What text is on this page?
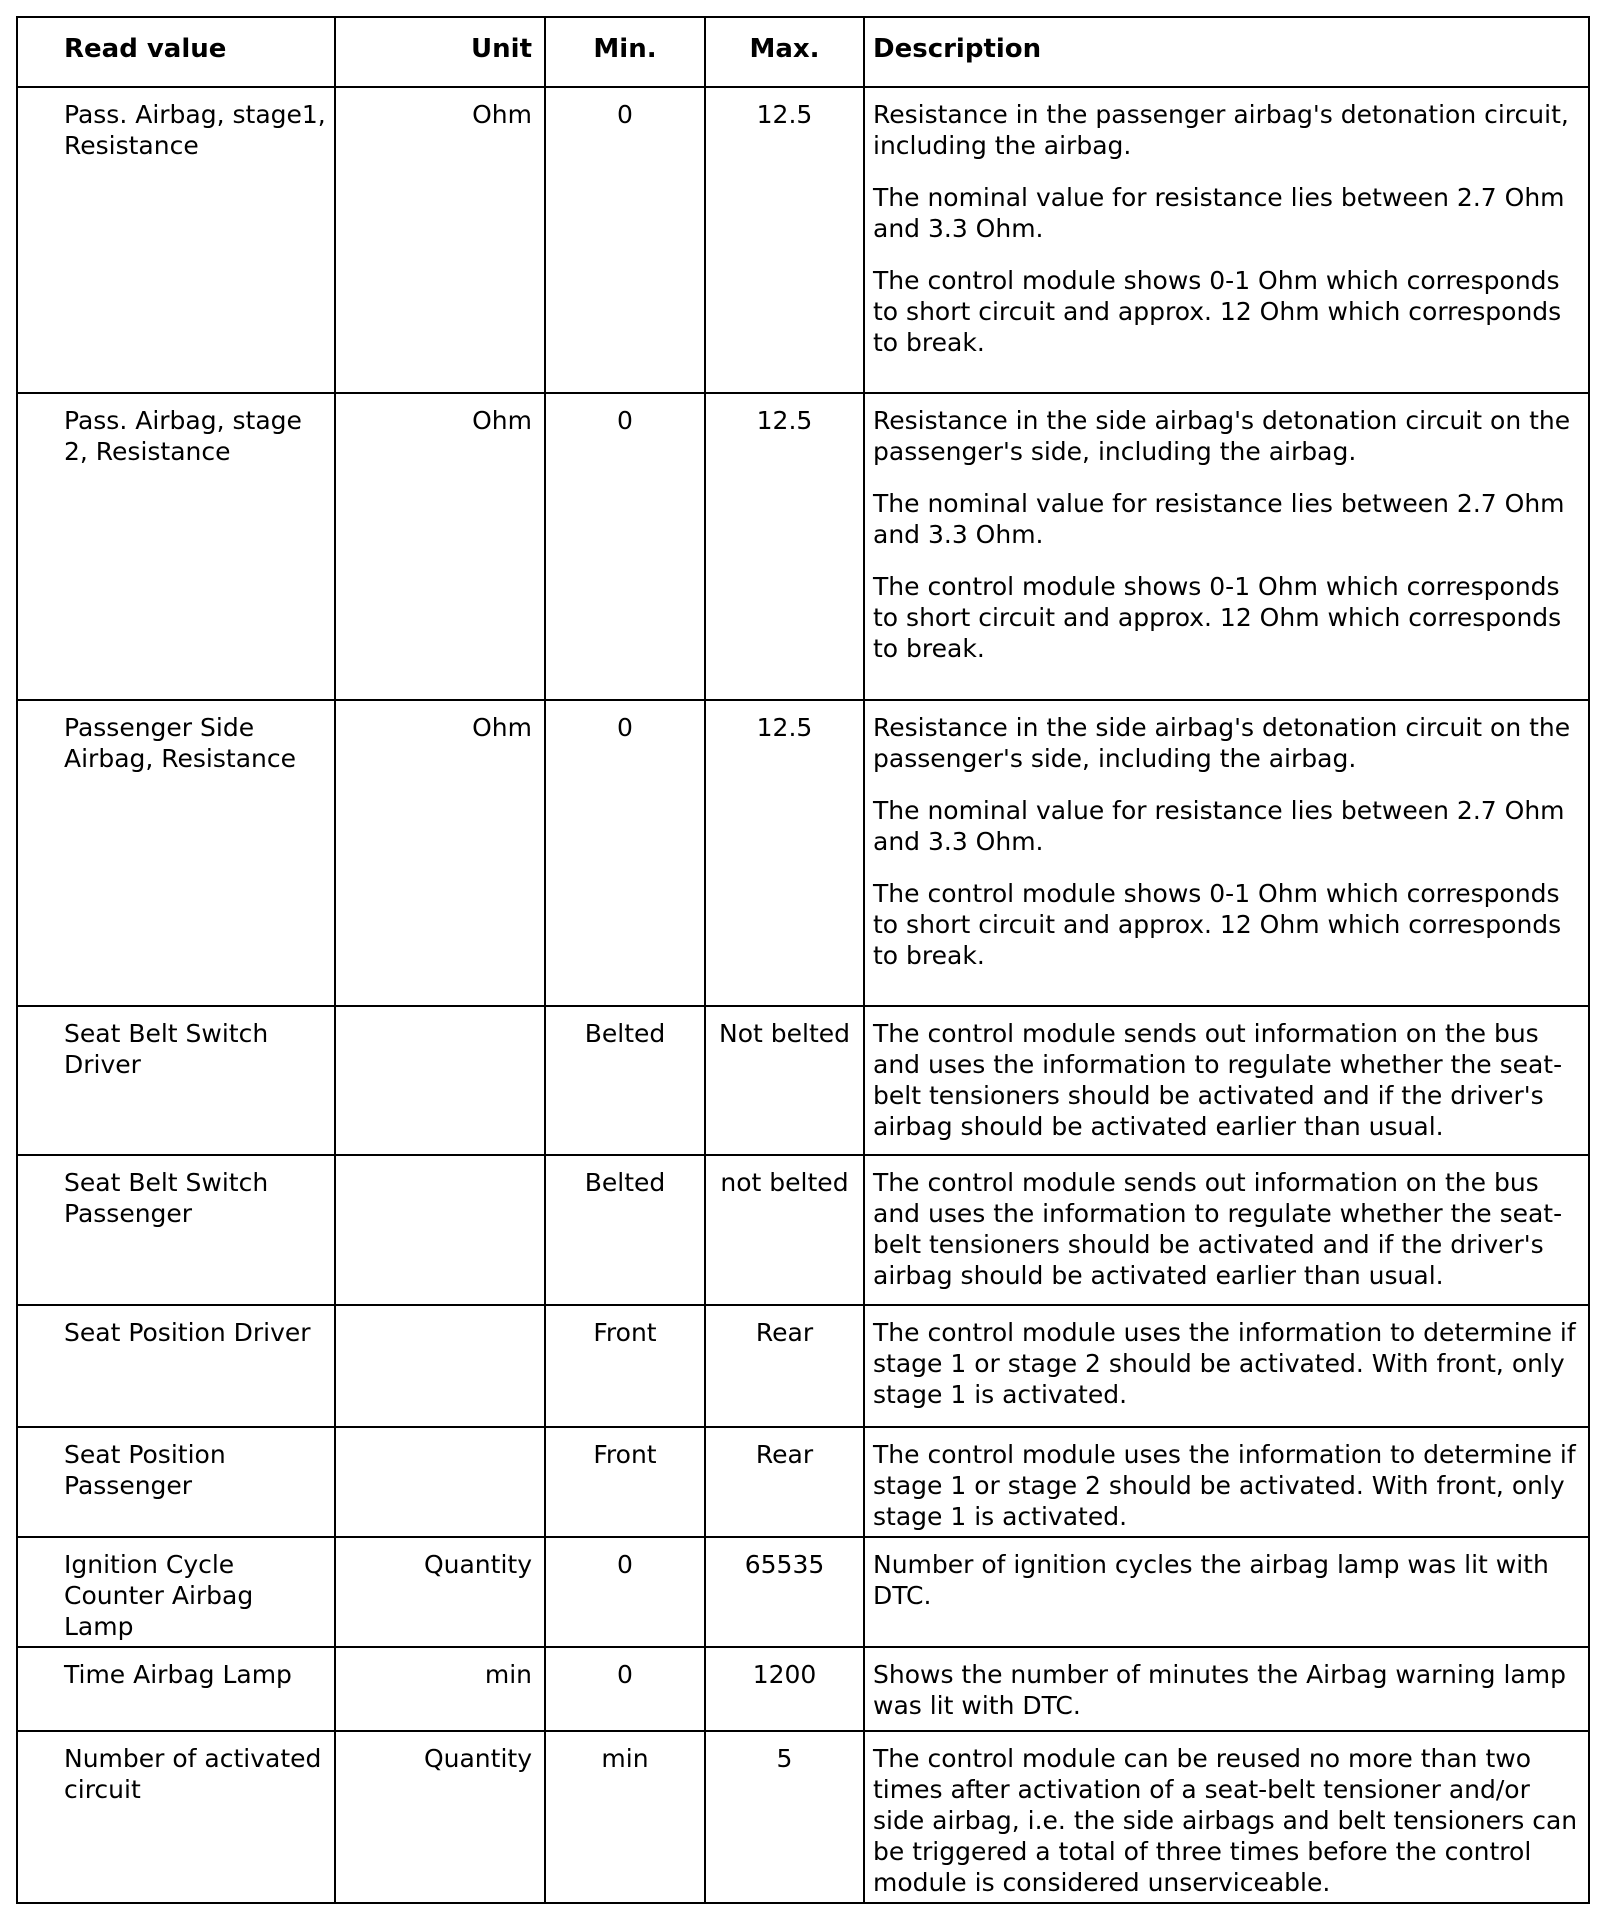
Read value	Unit	Min.	Max.	Description
Pass. Airbag, stage1, Resistance	Ohm	0	12.5	Resistance in the passenger airbag's detonation circuit, including the airbag.

The nominal value for resistance lies between 2.7 Ohm and 3.3 Ohm.

The control module shows 0-1 Ohm which corresponds to short circuit and approx. 12 Ohm which corresponds to break.

Pass. Airbag, stage 2, Resistance	Ohm	0	12.5	Resistance in the side airbag's detonation circuit on the passenger's side, including the airbag.

The nominal value for resistance lies between 2.7 Ohm and 3.3 Ohm.

The control module shows 0-1 Ohm which corresponds to short circuit and approx. 12 Ohm which corresponds to break.

Passenger Side Airbag, Resistance	Ohm	0	12.5	Resistance in the side airbag's detonation circuit on the passenger's side, including the airbag.

The nominal value for resistance lies between 2.7 Ohm and 3.3 Ohm.

The control module shows 0-1 Ohm which corresponds to short circuit and approx. 12 Ohm which corresponds to break.

Seat Belt Switch Driver		Belted	Not belted	The control module sends out information on the bus and uses the information to regulate whether the seat-belt tensioners should be activated and if the driver's airbag should be activated earlier than usual.

Seat Belt Switch Passenger		Belted	not belted	The control module sends out information on the bus and uses the information to regulate whether the seat-belt tensioners should be activated and if the driver's airbag should be activated earlier than usual.

Seat Position Driver		Front	Rear	The control module uses the information to determine if stage 1 or stage 2 should be activated. With front, only stage 1 is activated.

Seat Position Passenger		Front	Rear	The control module uses the information to determine if stage 1 or stage 2 should be activated. With front, only stage 1 is activated.

Ignition Cycle Counter Airbag Lamp	Quantity	0	65535	Number of ignition cycles the airbag lamp was lit with DTC.

Time Airbag Lamp	min	0	1200	Shows the number of minutes the Airbag warning lamp was lit with DTC.

Number of activated circuit	Quantity	min	5	The control module can be reused no more than two times after activation of a seat-belt tensioner and/or side airbag, i.e. the side airbags and belt tensioners can be triggered a total of three times before the control module is considered unserviceable.
